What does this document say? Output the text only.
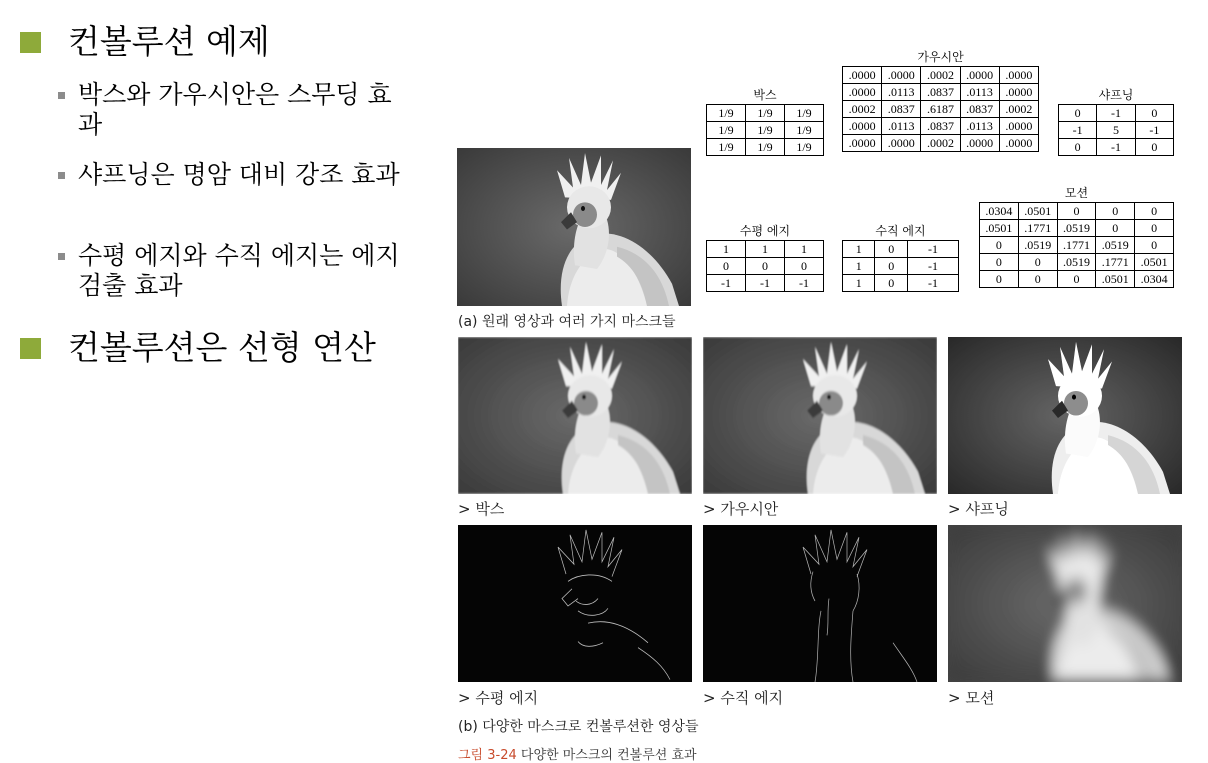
컨볼루션 예제
박스와 가우시안은 스무딩 효과
샤프닝은 명암 대비 강조 효과
수평 에지와 수직 에지는 에지 검출 효과
컨볼루션은 선형 연산
박스
1/9	1/9	1/9
1/9	1/9	1/9
1/9	1/9	1/9
가우시안
.0000	.0000	.0002	.0000	.0000
.0000	.0113	.0837	.0113	.0000
.0002	.0837	.6187	.0837	.0002
.0000	.0113	.0837	.0113	.0000
.0000	.0000	.0002	.0000	.0000
샤프닝
0	-1	0
-1	5	-1
0	-1	0
수평 에지
1	1	1
0	0	0
-1	-1	-1
수직 에지
1	0	-1
1	0	-1
1	0	-1
모션
.0304	.0501	0	0	0
.0501	.1771	.0519	0	0
0	.0519	.1771	.0519	0
0	0	.0519	.1771	.0501
0	0	0	.0501	.0304
(a) 원래 영상과 여러 가지 마스크들
> 박스	> 가우시안	> 샤프닝
> 수평 에지	> 수직 에지	> 모션
(b) 다양한 마스크로 컨볼루션한 영상들
그림 3-24 다양한 마스크의 컨볼루션 효과
